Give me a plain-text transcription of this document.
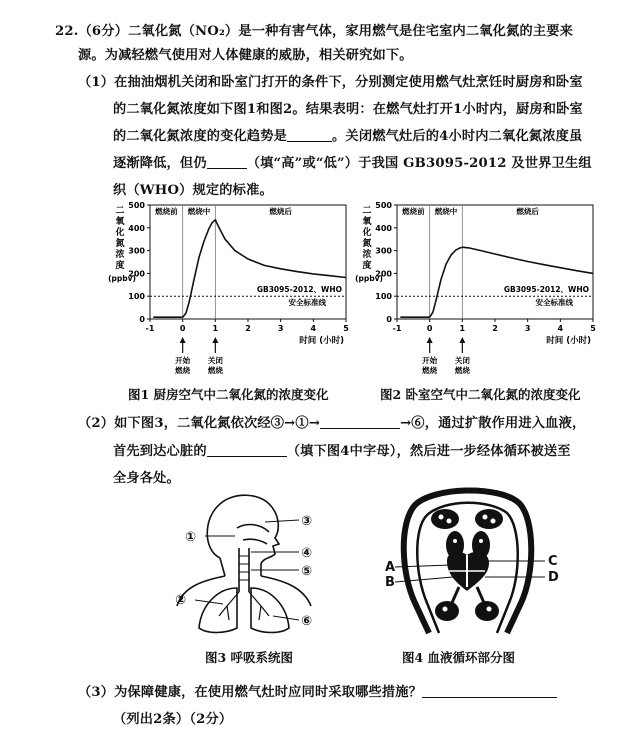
22.（6分）二氧化氮（NO₂）是一种有害气体，家用燃气是住宅室内二氧化氮的主要来
源。为减轻燃气使用对人体健康的威胁，相关研究如下。
（1）在抽油烟机关闭和卧室门打开的条件下，分别测定使用燃气灶烹饪时厨房和卧室
的二氧化氮浓度如下图1和图2。结果表明：在燃气灶打开1小时内，厨房和卧室
的二氧化氮浓度的变化趋势是	。关闭燃气灶后的4小时内二氧化氮浓度虽
逐渐降低，但仍	（填“高”或“低”）于我国 GB3095-2012 及世界卫生组
织（WHO）规定的标准。
燃烧前 燃烧中	燃烧后
0
100
200
300
400
500
-1	0	1	2	3	4	5
二
氧
化
氮
浓
度
(ppbv)
时间 (小时)
GB3095-2012、WHO
安全标准线
开始
燃烧
关闭
燃烧
燃烧前 燃烧中	燃烧后
0
100
200
300
400
500
-1	0	1	2	3	4	5
二
氧
化
氮
浓
度
(ppbv)
时间 (小时)
GB3095-2012、WHO
安全标准线
开始
燃烧
关闭
燃烧
图1 厨房空气中二氧化氮的浓度变化	图2 卧室空气中二氧化氮的浓度变化
（2）如下图3，二氧化氮依次经③→①→	→⑥，通过扩散作用进入血液，
首先到达心脏的	（填下图4中字母），然后进一步经体循环被送至
全身各处。
①
②
③
④
⑤
⑥
图3 呼吸系统图
A
B
C
D
图4 血液循环部分图
（3）为保障健康，在使用燃气灶时应同时采取哪些措施？
（列出2条）（2分）
